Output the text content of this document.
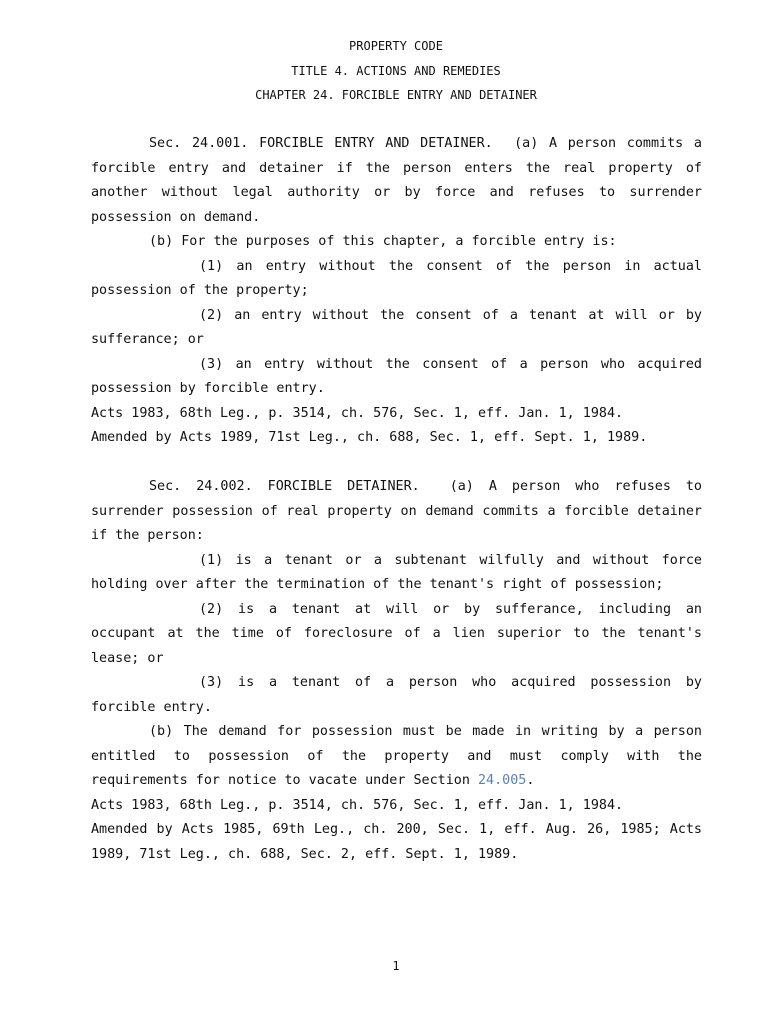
PROPERTY CODE
TITLE 4. ACTIONS AND REMEDIES
CHAPTER 24. FORCIBLE ENTRY AND DETAINER

Sec. 24.001. FORCIBLE ENTRY AND DETAINER. (a) A person commits a forcible entry and detainer if the person enters the real property of another without legal authority or by force and refuses to surrender possession on demand.

(b) For the purposes of this chapter, a forcible entry is:

(1) an entry without the consent of the person in actual possession of the property;

(2) an entry without the consent of a tenant at will or by sufferance; or

(3) an entry without the consent of a person who acquired possession by forcible entry.

Acts 1983, 68th Leg., p. 3514, ch. 576, Sec. 1, eff. Jan. 1, 1984.

Amended by Acts 1989, 71st Leg., ch. 688, Sec. 1, eff. Sept. 1, 1989.

Sec. 24.002. FORCIBLE DETAINER. (a) A person who refuses to surrender possession of real property on demand commits a forcible detainer if the person:

(1) is a tenant or a subtenant wilfully and without force holding over after the termination of the tenant's right of possession;

(2) is a tenant at will or by sufferance, including an occupant at the time of foreclosure of a lien superior to the tenant's lease; or

(3) is a tenant of a person who acquired possession by forcible entry.

(b) The demand for possession must be made in writing by a person entitled to possession of the property and must comply with the requirements for notice to vacate under Section 24.005.

Acts 1983, 68th Leg., p. 3514, ch. 576, Sec. 1, eff. Jan. 1, 1984.

Amended by Acts 1985, 69th Leg., ch. 200, Sec. 1, eff. Aug. 26, 1985; Acts 1989, 71st Leg., ch. 688, Sec. 2, eff. Sept. 1, 1989.

1
